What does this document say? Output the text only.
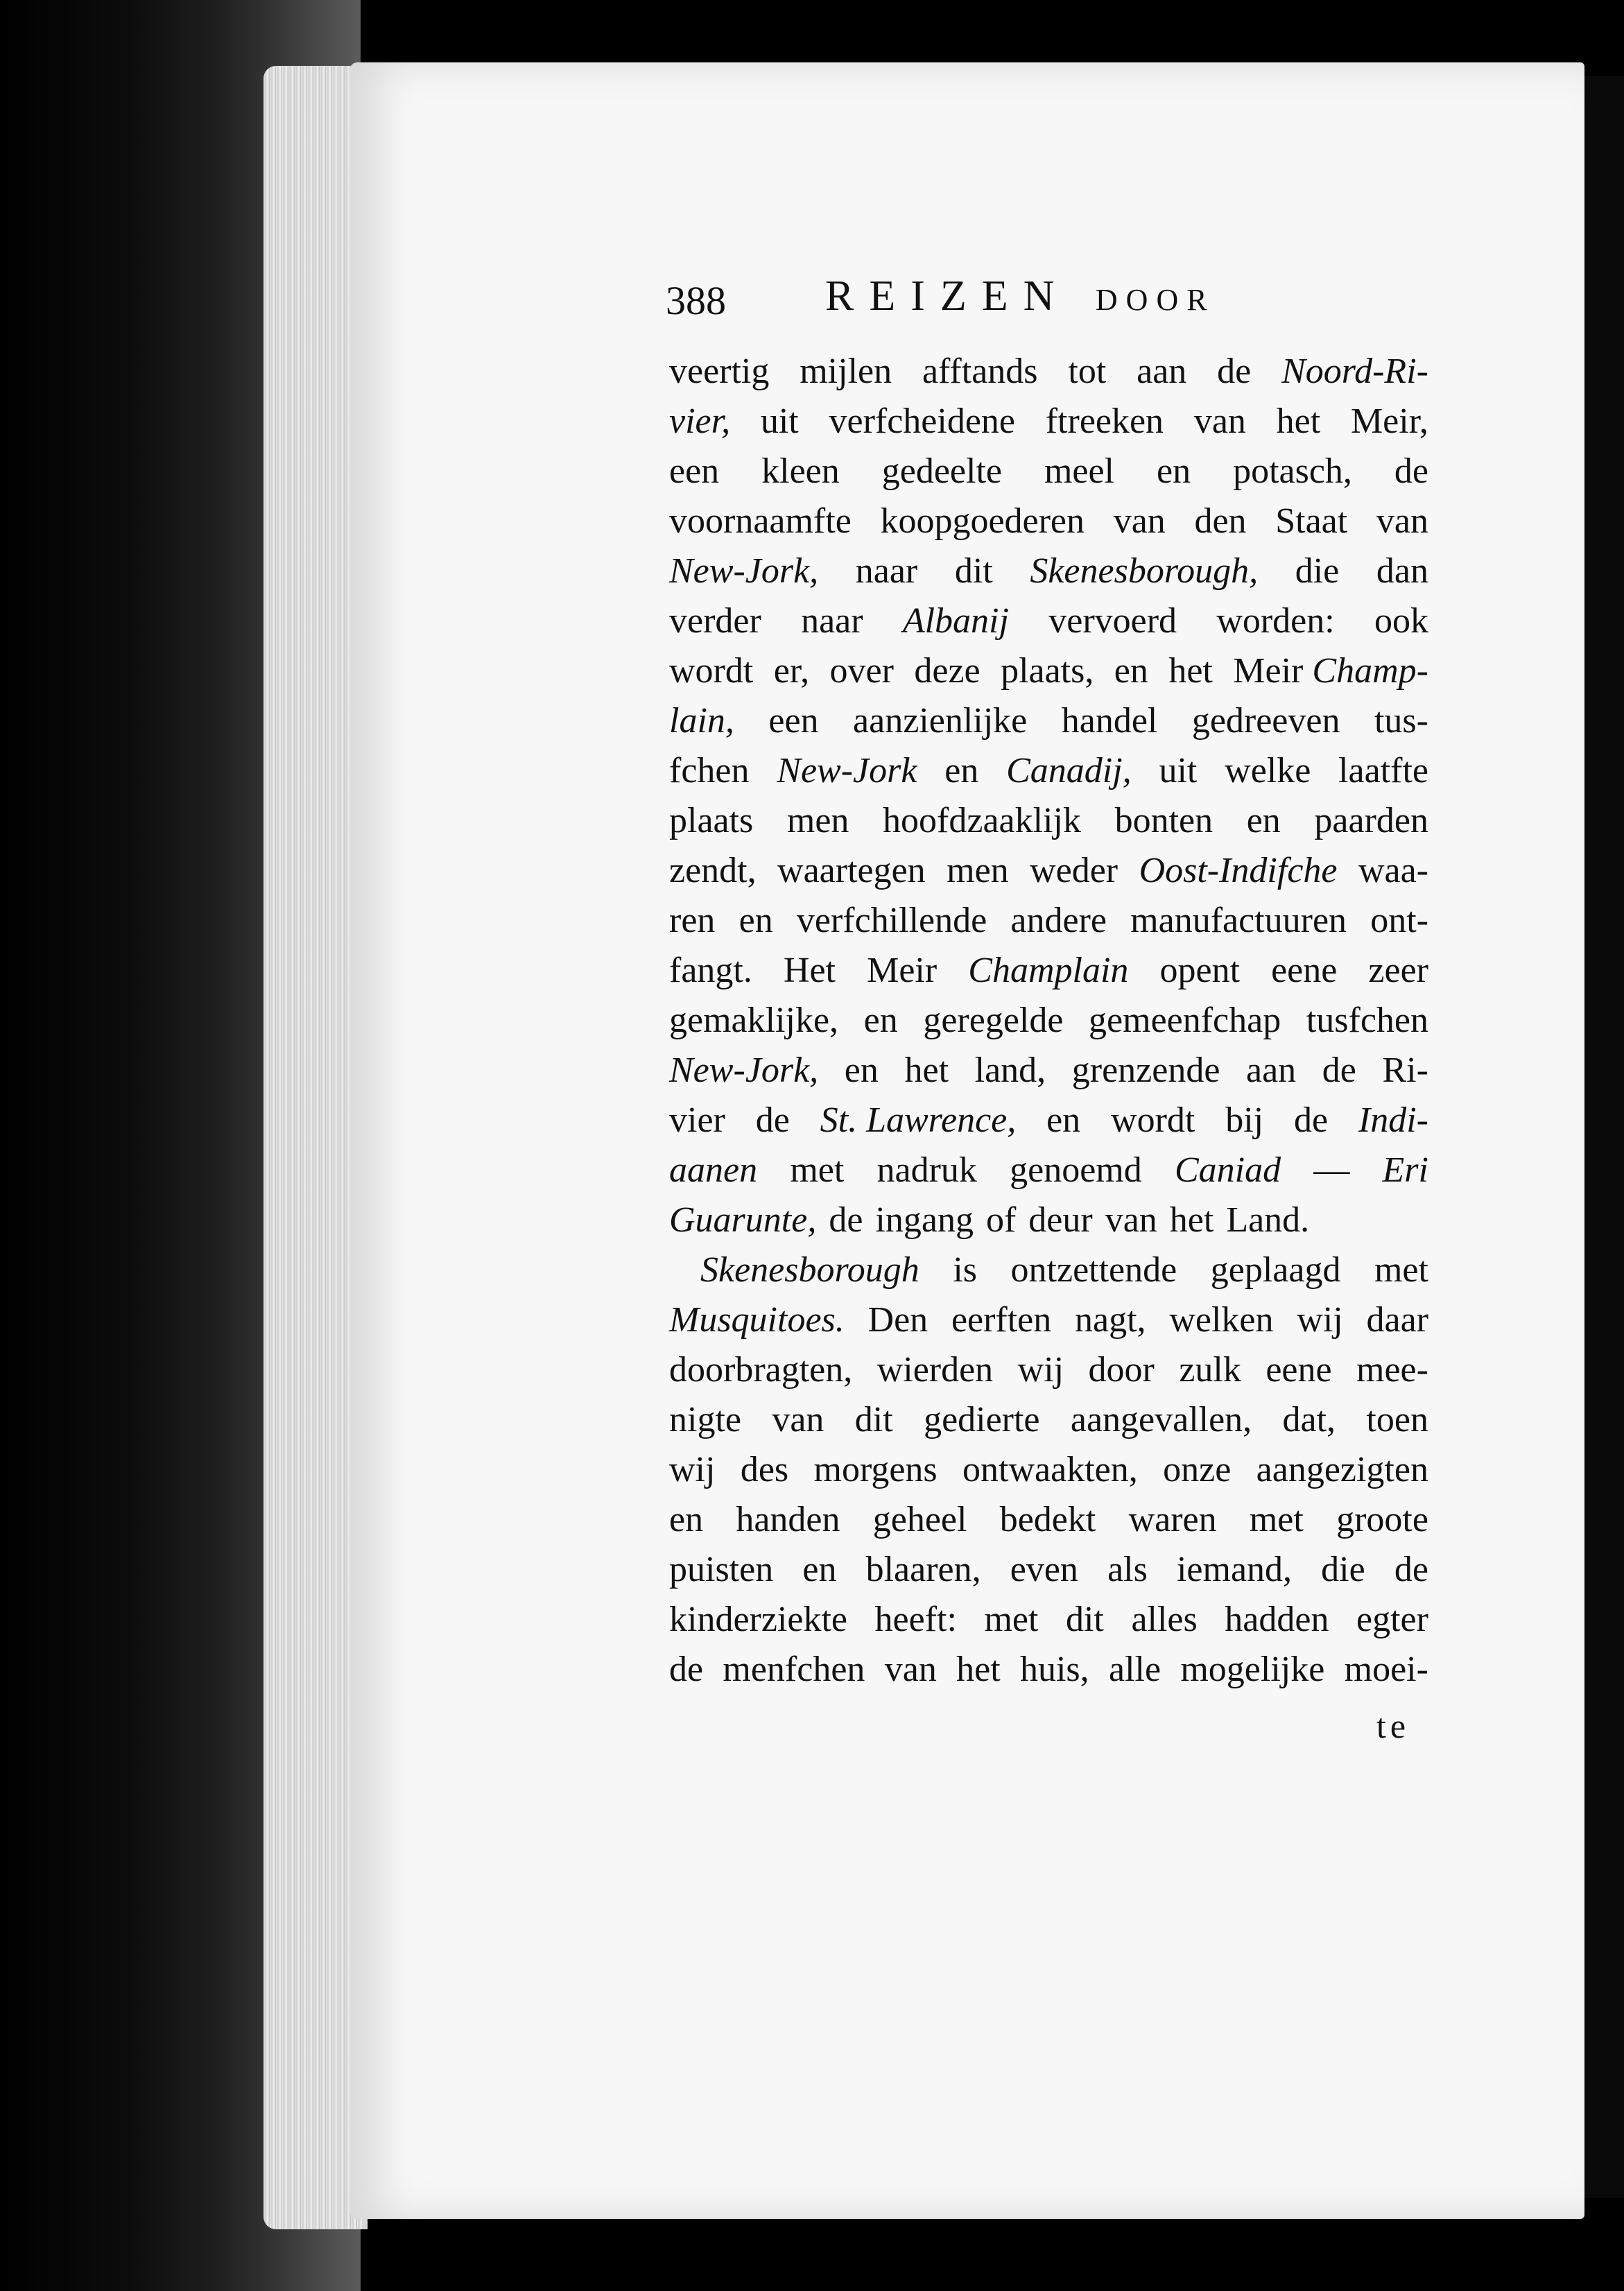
388 REIZEN DOOR
veertig mijlen afftands tot aan de Noord-Ri-
vier, uit verfcheidene ftreeken van het Meir,
een kleen gedeelte meel en potasch, de
voornaamfte koopgoederen van den Staat van
New-Jork, naar dit Skenesborough, die dan
verder naar Albanij vervoerd worden: ook
wordt er, over deze plaats, en het Meir Champ-
lain, een aanzienlijke handel gedreeven tus-
fchen New-Jork en Canadij, uit welke laatfte
plaats men hoofdzaaklijk bonten en paarden
zendt, waartegen men weder Oost-Indifche waa-
ren en verfchillende andere manufactuuren ont-
fangt. Het Meir Champlain opent eene zeer
gemaklijke, en geregelde gemeenfchap tusfchen
New-Jork, en het land, grenzende aan de Ri-
vier de St. Lawrence, en wordt bij de Indi-
aanen met nadruk genoemd Caniad — Eri
Guarunte, de ingang of deur van het Land.
Skenesborough is ontzettende geplaagd met
Musquitoes. Den eerften nagt, welken wij daar
doorbragten, wierden wij door zulk eene mee-
nigte van dit gedierte aangevallen, dat, toen
wij des morgens ontwaakten, onze aangezigten
en handen geheel bedekt waren met groote
puisten en blaaren, even als iemand, die de
kinderziekte heeft: met dit alles hadden egter
de menfchen van het huis, alle mogelijke moei-
te
